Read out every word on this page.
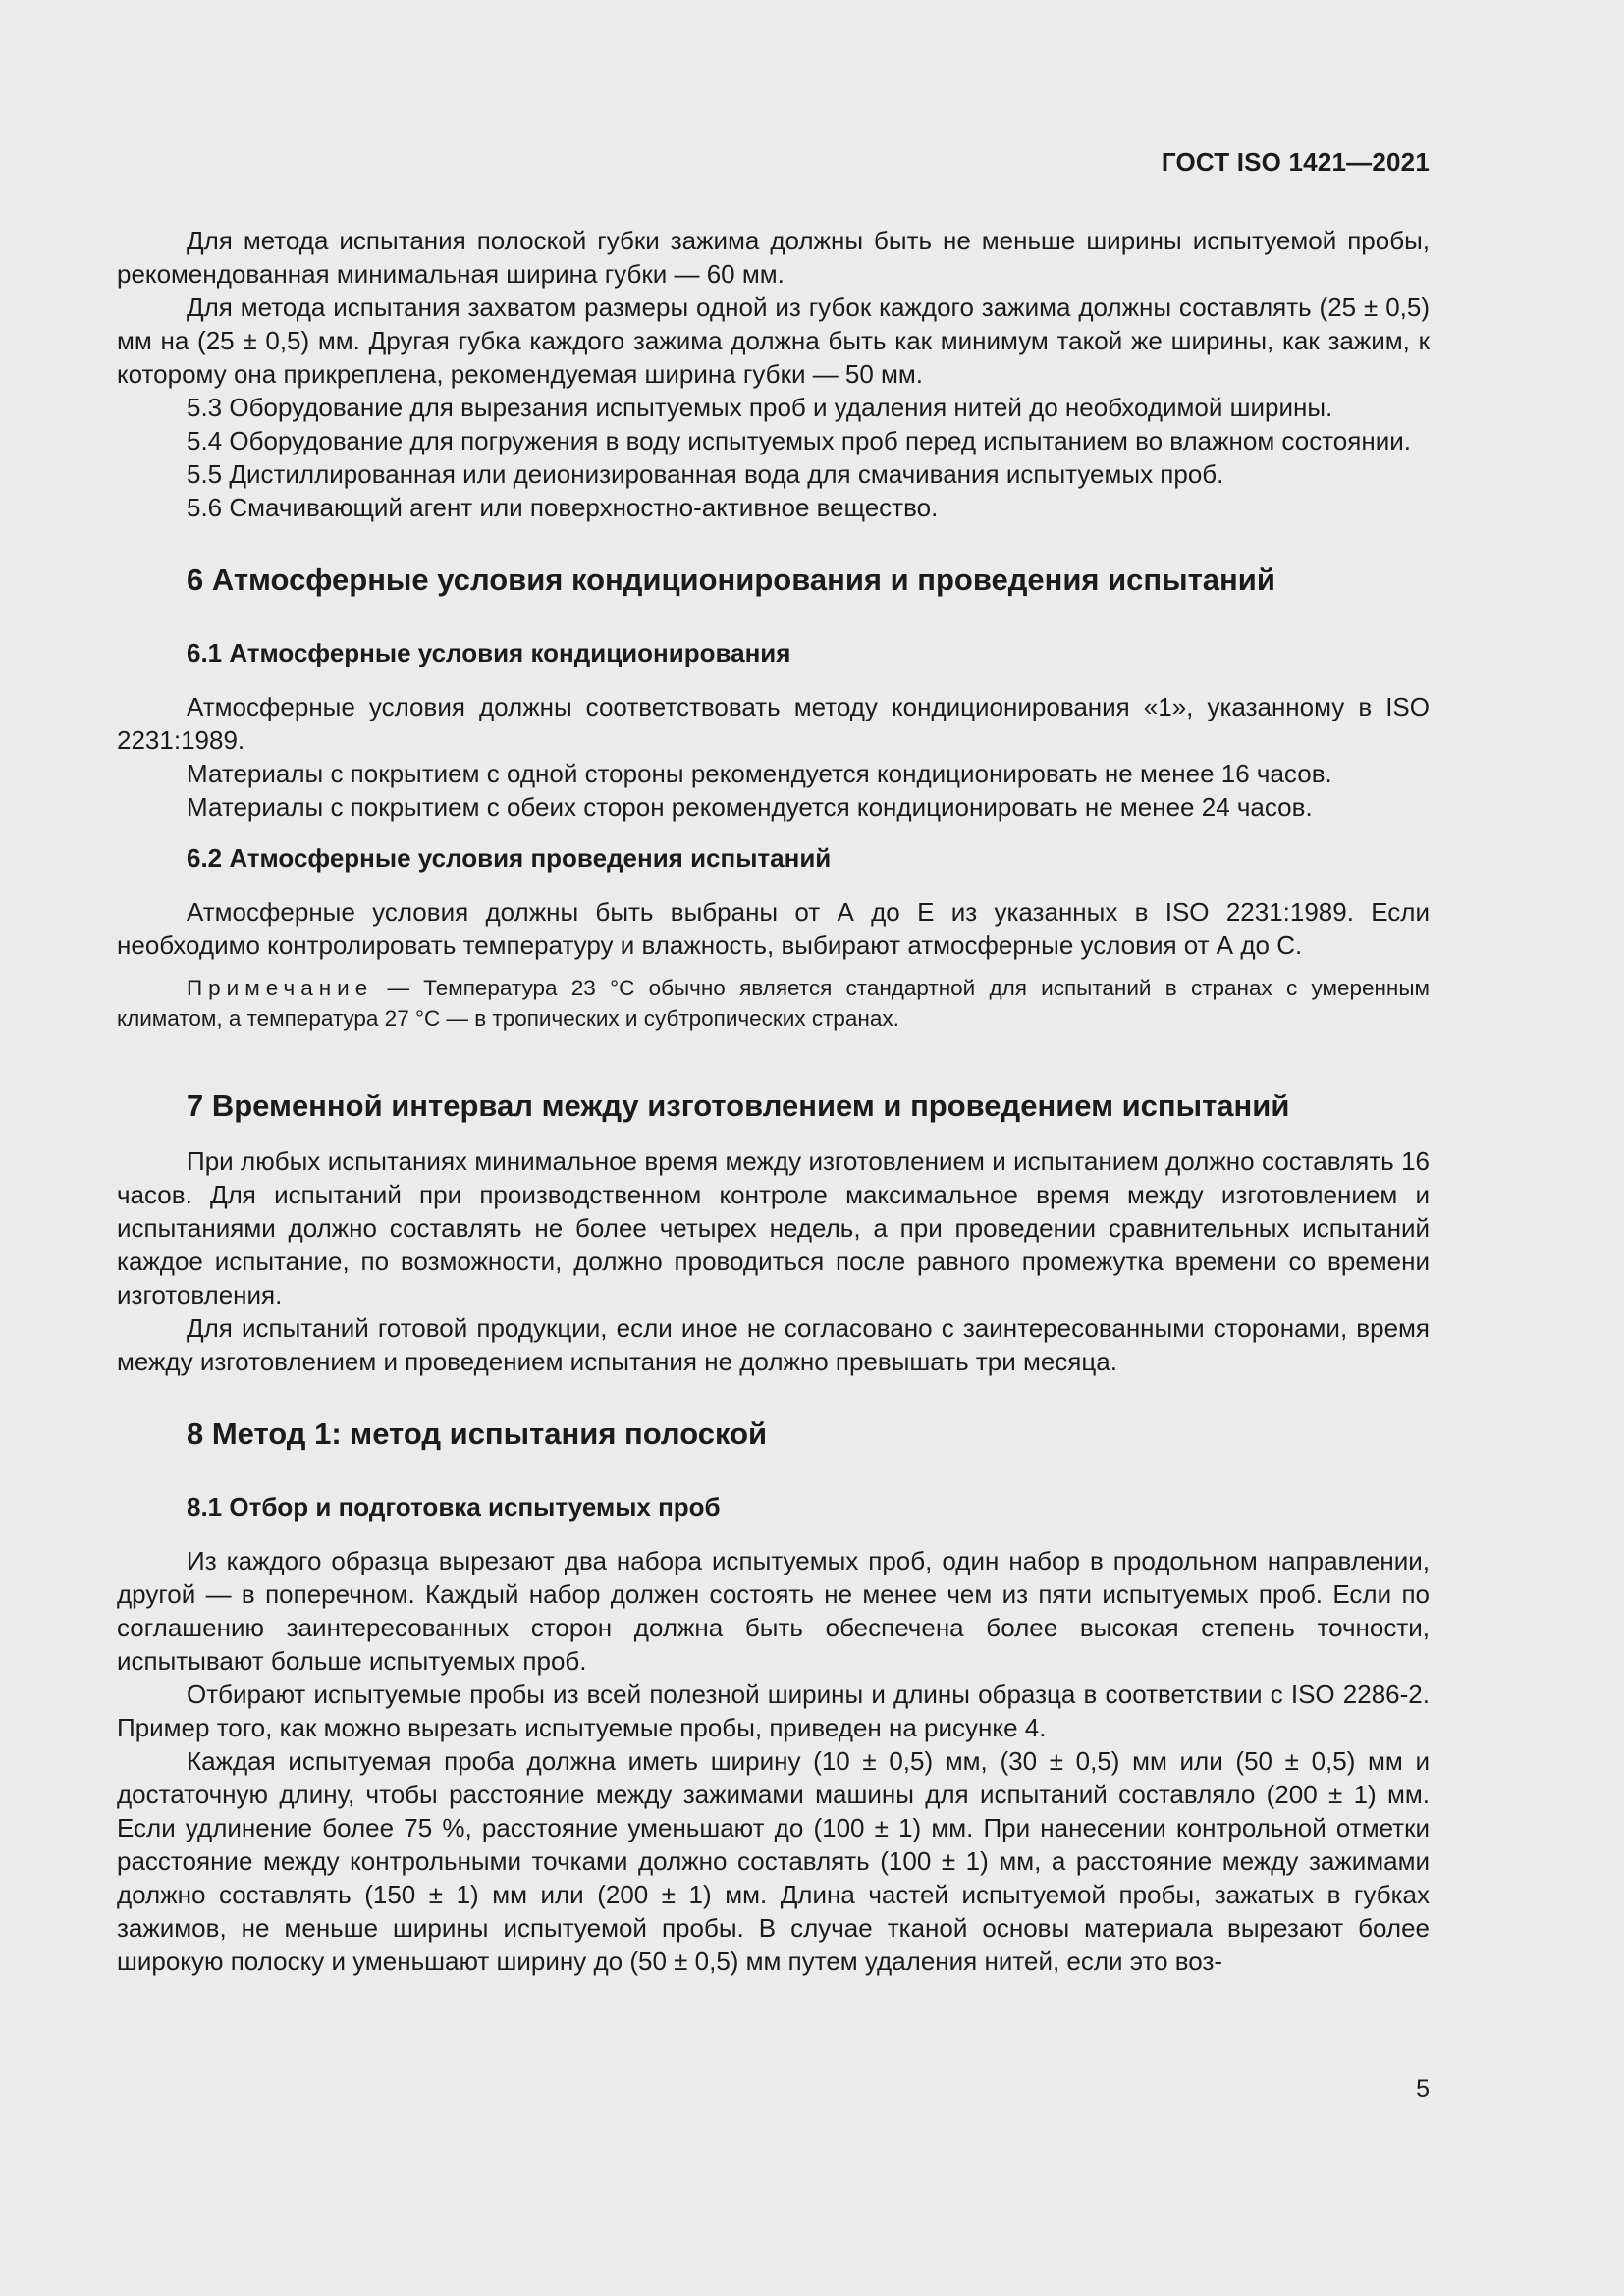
ГОСТ ISO 1421—2021

Для метода испытания полоской губки зажима должны быть не меньше ширины испытуемой пробы, рекомендованная минимальная ширина губки — 60 мм.

Для метода испытания захватом размеры одной из губок каждого зажима должны составлять (25 ± 0,5) мм на (25 ± 0,5) мм. Другая губка каждого зажима должна быть как минимум такой же ширины, как зажим, к которому она прикреплена, рекомендуемая ширина губки — 50 мм.

5.3 Оборудование для вырезания испытуемых проб и удаления нитей до необходимой ширины.

5.4 Оборудование для погружения в воду испытуемых проб перед испытанием во влажном состоянии.

5.5 Дистиллированная или деионизированная вода для смачивания испытуемых проб.

5.6 Смачивающий агент или поверхностно-активное вещество.

6 Атмосферные условия кондиционирования и проведения испытаний
6.1 Атмосферные условия кондиционирования

Атмосферные условия должны соответствовать методу кондиционирования «1», указанному в ISO 2231:1989.

Материалы с покрытием с одной стороны рекомендуется кондиционировать не менее 16 часов.

Материалы с покрытием с обеих сторон рекомендуется кондиционировать не менее 24 часов.

6.2 Атмосферные условия проведения испытаний

Атмосферные условия должны быть выбраны от А до Е из указанных в ISO 2231:1989. Если необходимо контролировать температуру и влажность, выбирают атмосферные условия от А до С.

Примечание — Температура 23 °С обычно является стандартной для испытаний в странах с умеренным климатом, а температура 27 °С — в тропических и субтропических странах.

7 Временной интервал между изготовлением и проведением испытаний

При любых испытаниях минимальное время между изготовлением и испытанием должно составлять 16 часов. Для испытаний при производственном контроле максимальное время между изготовлением и испытаниями должно составлять не более четырех недель, а при проведении сравнительных испытаний каждое испытание, по возможности, должно проводиться после равного промежутка времени со времени изготовления.

Для испытаний готовой продукции, если иное не согласовано с заинтересованными сторонами, время между изготовлением и проведением испытания не должно превышать три месяца.

8 Метод 1: метод испытания полоской
8.1 Отбор и подготовка испытуемых проб

Из каждого образца вырезают два набора испытуемых проб, один набор в продольном направлении, другой — в поперечном. Каждый набор должен состоять не менее чем из пяти испытуемых проб. Если по соглашению заинтересованных сторон должна быть обеспечена более высокая степень точности, испытывают больше испытуемых проб.

Отбирают испытуемые пробы из всей полезной ширины и длины образца в соответствии с ISO 2286-2. Пример того, как можно вырезать испытуемые пробы, приведен на рисунке 4.

Каждая испытуемая проба должна иметь ширину (10 ± 0,5) мм, (30 ± 0,5) мм или (50 ± 0,5) мм и достаточную длину, чтобы расстояние между зажимами машины для испытаний составляло (200 ± 1) мм. Если удлинение более 75 %, расстояние уменьшают до (100 ± 1) мм. При нанесении контрольной отметки расстояние между контрольными точками должно составлять (100 ± 1) мм, а расстояние между зажимами должно составлять (150 ± 1) мм или (200 ± 1) мм. Длина частей испытуемой пробы, зажатых в губках зажимов, не меньше ширины испытуемой пробы. В случае тканой основы материала вырезают более широкую полоску и уменьшают ширину до (50 ± 0,5) мм путем удаления нитей, если это воз-

5
